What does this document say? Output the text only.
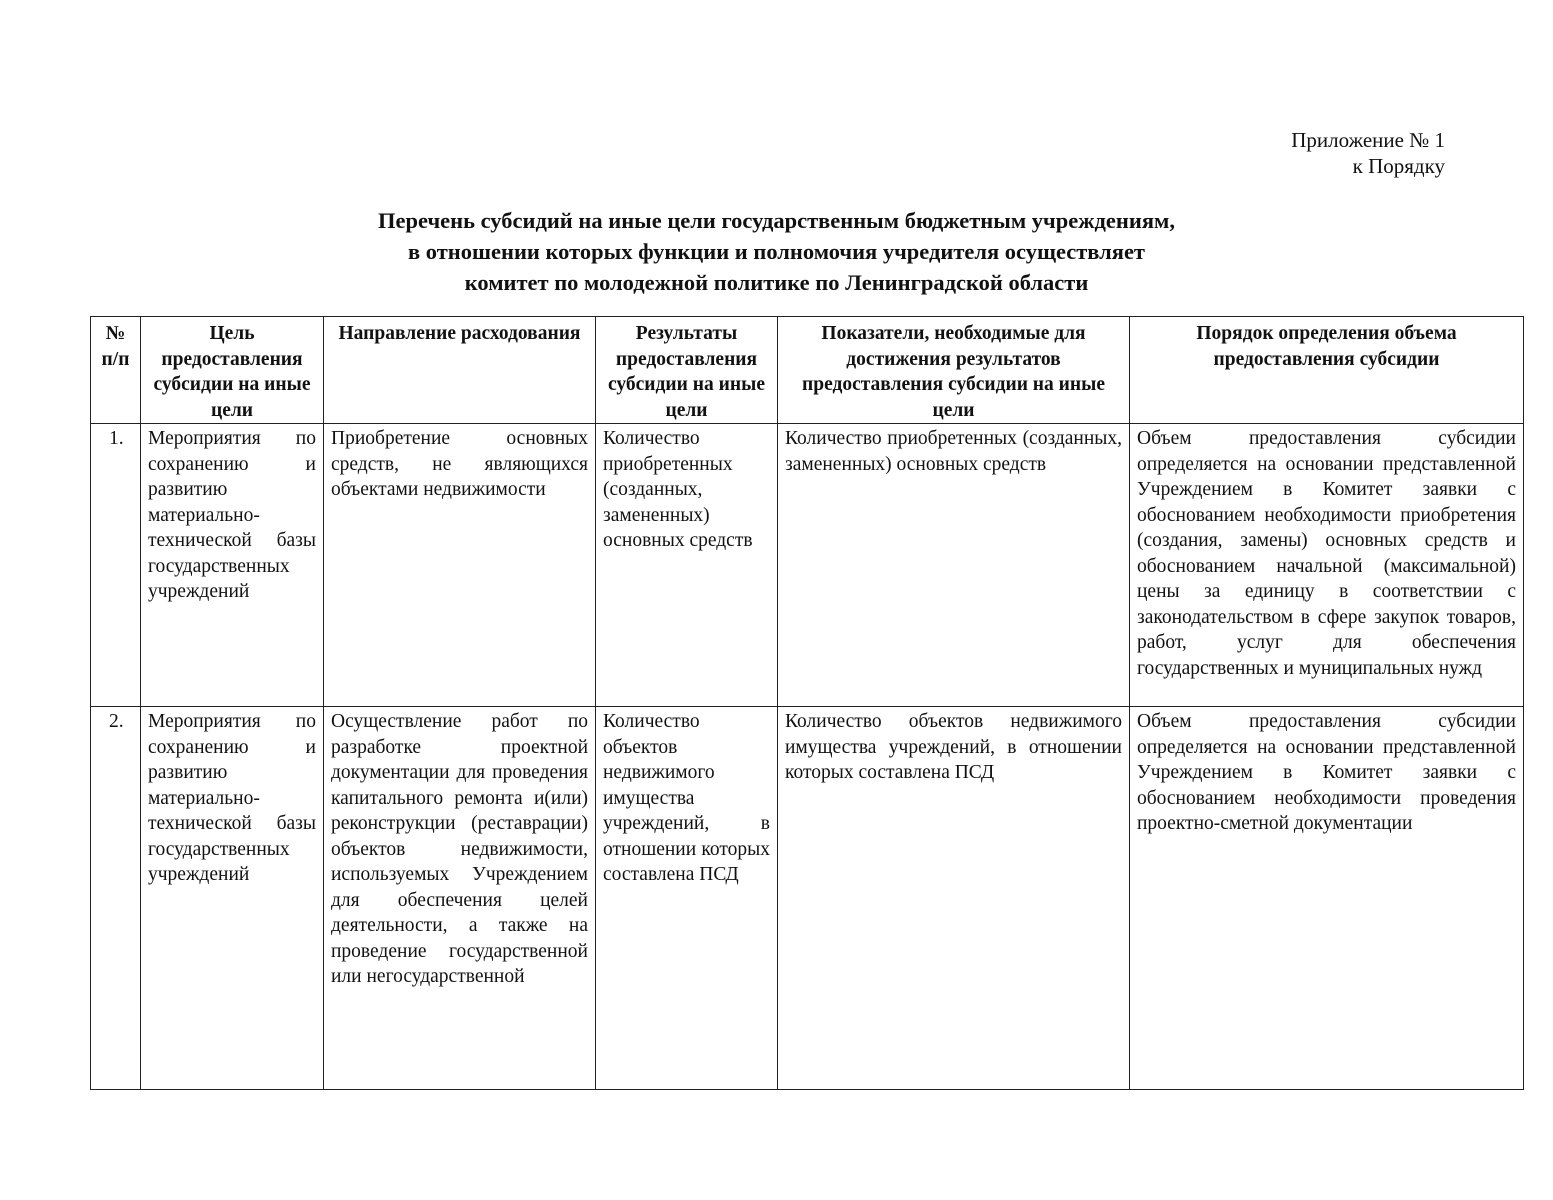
Приложение № 1
к Порядку
Перечень субсидий на иные цели государственным бюджетным учреждениям,
в отношении которых функции и полномочия учредителя осуществляет
комитет по молодежной политике по Ленинградской области
№ п/п	Цель предоставления субсидии на иные цели	Направление расходования	Результаты предоставления субсидии на иные цели	Показатели, необходимые для достижения результатов предоставления субсидии на иные цели	Порядок определения объема предоставления субсидии
1.	Мероприятия по сохранению и развитию материально-технической базы государственных учреждений	Приобретение основных средств, не являющихся объектами недвижимости	Количество приобретенных (созданных, замененных) основных средств	Количество приобретенных (созданных, замененных) основных средств	Объем предоставления субсидии определяется на основании представленной Учреждением в Комитет заявки с обоснованием необходимости приобретения (создания, замены) основных средств и обоснованием начальной (максимальной) цены за единицу в соответствии с законодательством в сфере закупок товаров, работ, услуг для обеспечения государственных и муниципальных нужд
2.	Мероприятия по сохранению и развитию материально-технической базы государственных учреждений	Осуществление работ по разработке проектной документации для проведения капитального ремонта и(или) реконструкции (реставрации) объектов недвижимости, используемых Учреждением для обеспечения целей деятельности, а также на проведение государственной или негосударственной	Количество объектов недвижимого имущества учреждений, в отношении которых составлена ПСД	Количество объектов недвижимого имущества учреждений, в отношении которых составлена ПСД	Объем предоставления субсидии определяется на основании представленной Учреждением в Комитет заявки с обоснованием необходимости проведения проектно-сметной документации
